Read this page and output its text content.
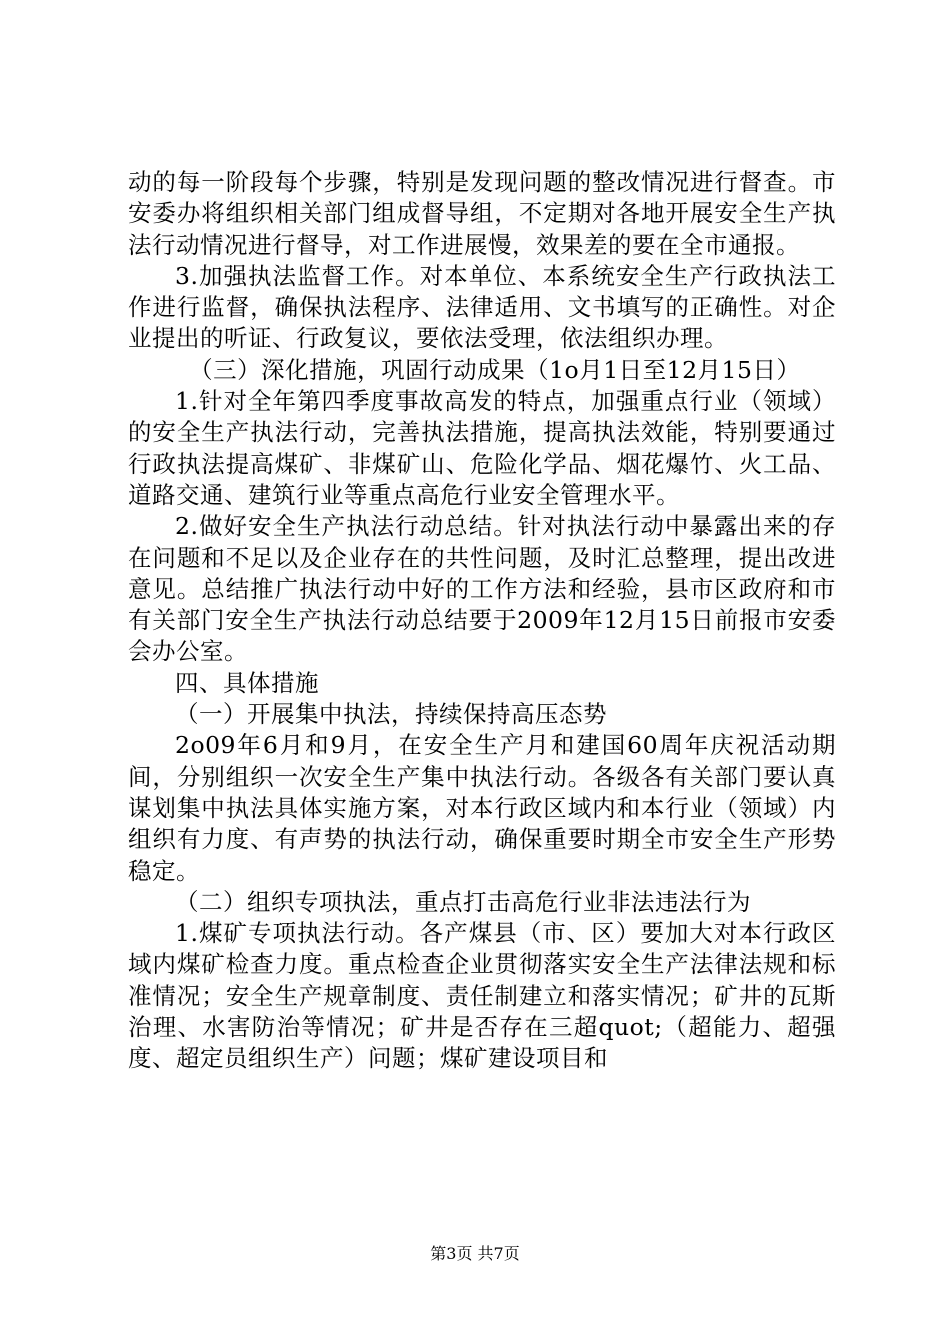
动的每一阶段每个步骤，特别是发现问题的整改情况进行督查。市安委办将组织相关部门组成督导组，不定期对各地开展安全生产执法行动情况进行督导，对工作进展慢，效果差的要在全市通报。

3.加强执法监督工作。对本单位、本系统安全生产行政执法工作进行监督，确保执法程序、法律适用、文书填写的正确性。对企业提出的听证、行政复议，要依法受理，依法组织办理。

（三）深化措施，巩固行动成果（1o月1日至12月15日）

1.针对全年第四季度事故高发的特点，加强重点行业（领域）的安全生产执法行动，完善执法措施，提高执法效能，特别要通过行政执法提高煤矿、非煤矿山、危险化学品、烟花爆竹、火工品、道路交通、建筑行业等重点高危行业安全管理水平。

2.做好安全生产执法行动总结。针对执法行动中暴露出来的存在问题和不足以及企业存在的共性问题，及时汇总整理，提出改进意见。总结推广执法行动中好的工作方法和经验，县市区政府和市有关部门安全生产执法行动总结要于2009年12月15日前报市安委会办公室。

四、具体措施

（一）开展集中执法，持续保持高压态势

2o09年6月和9月，在安全生产月和建国60周年庆祝活动期间，分别组织一次安全生产集中执法行动。各级各有关部门要认真谋划集中执法具体实施方案，对本行政区域内和本行业（领域）内组织有力度、有声势的执法行动，确保重要时期全市安全生产形势稳定。

（二）组织专项执法，重点打击高危行业非法违法行为

1.煤矿专项执法行动。各产煤县（市、区）要加大对本行政区域内煤矿检查力度。重点检查企业贯彻落实安全生产法律法规和标准情况；安全生产规章制度、责任制建立和落实情况；矿井的瓦斯治理、水害防治等情况；矿井是否存在三超quot;（超能力、超强度、超定员组织生产）问题；煤矿建设项目和

第3页 共7页
